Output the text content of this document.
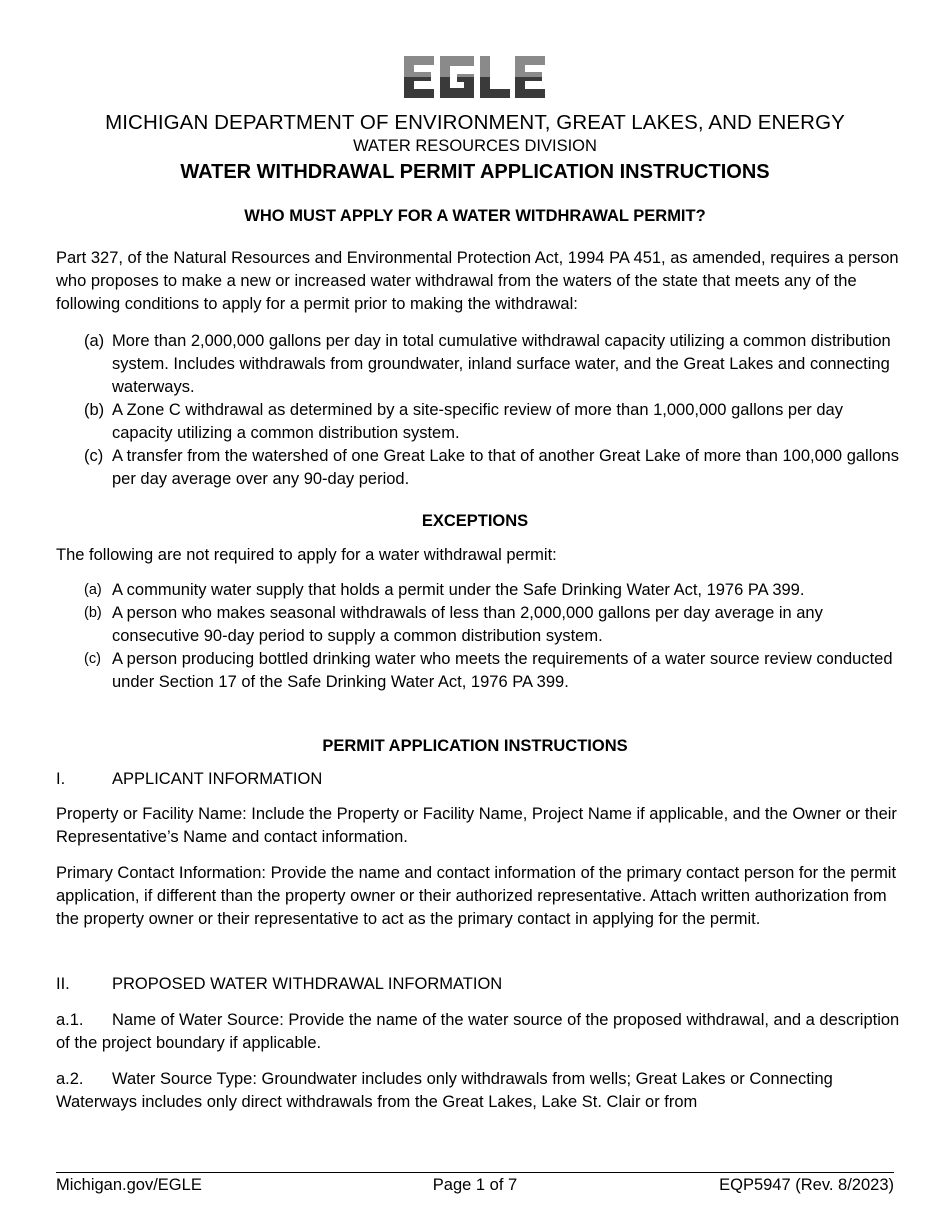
MICHIGAN DEPARTMENT OF ENVIRONMENT, GREAT LAKES, AND ENERGY
WATER RESOURCES DIVISION
WATER WITHDRAWAL PERMIT APPLICATION INSTRUCTIONS
WHO MUST APPLY FOR A WATER WITDHRAWAL PERMIT?
Part 327, of the Natural Resources and Environmental Protection Act, 1994 PA 451, as amended, requires a person who proposes to make a new or increased water withdrawal from the waters of the state that meets any of the following conditions to apply for a permit prior to making the withdrawal:
(a) More than 2,000,000 gallons per day in total cumulative withdrawal capacity utilizing a common distribution system. Includes withdrawals from groundwater, inland surface water, and the Great Lakes and connecting waterways.
(b) A Zone C withdrawal as determined by a site-specific review of more than 1,000,000 gallons per day capacity utilizing a common distribution system.
(c) A transfer from the watershed of one Great Lake to that of another Great Lake of more than 100,000 gallons per day average over any 90-day period.
EXCEPTIONS
The following are not required to apply for a water withdrawal permit:
(a) A community water supply that holds a permit under the Safe Drinking Water Act, 1976 PA 399.
(b) A person who makes seasonal withdrawals of less than 2,000,000 gallons per day average in any consecutive 90-day period to supply a common distribution system.
(c) A person producing bottled drinking water who meets the requirements of a water source review conducted under Section 17 of the Safe Drinking Water Act, 1976 PA 399.
PERMIT APPLICATION INSTRUCTIONS
I.	APPLICANT INFORMATION
Property or Facility Name: Include the Property or Facility Name, Project Name if applicable, and the Owner or their Representative’s Name and contact information.
Primary Contact Information: Provide the name and contact information of the primary contact person for the permit application, if different than the property owner or their authorized representative. Attach written authorization from the property owner or their representative to act as the primary contact in applying for the permit.
II.	PROPOSED WATER WITHDRAWAL INFORMATION
a.1. Name of Water Source: Provide the name of the water source of the proposed withdrawal, and a description of the project boundary if applicable.
a.2. Water Source Type: Groundwater includes only withdrawals from wells; Great Lakes or Connecting Waterways includes only direct withdrawals from the Great Lakes, Lake St. Clair or from
Michigan.gov/EGLE	Page 1 of 7	EQP5947 (Rev. 8/2023)
